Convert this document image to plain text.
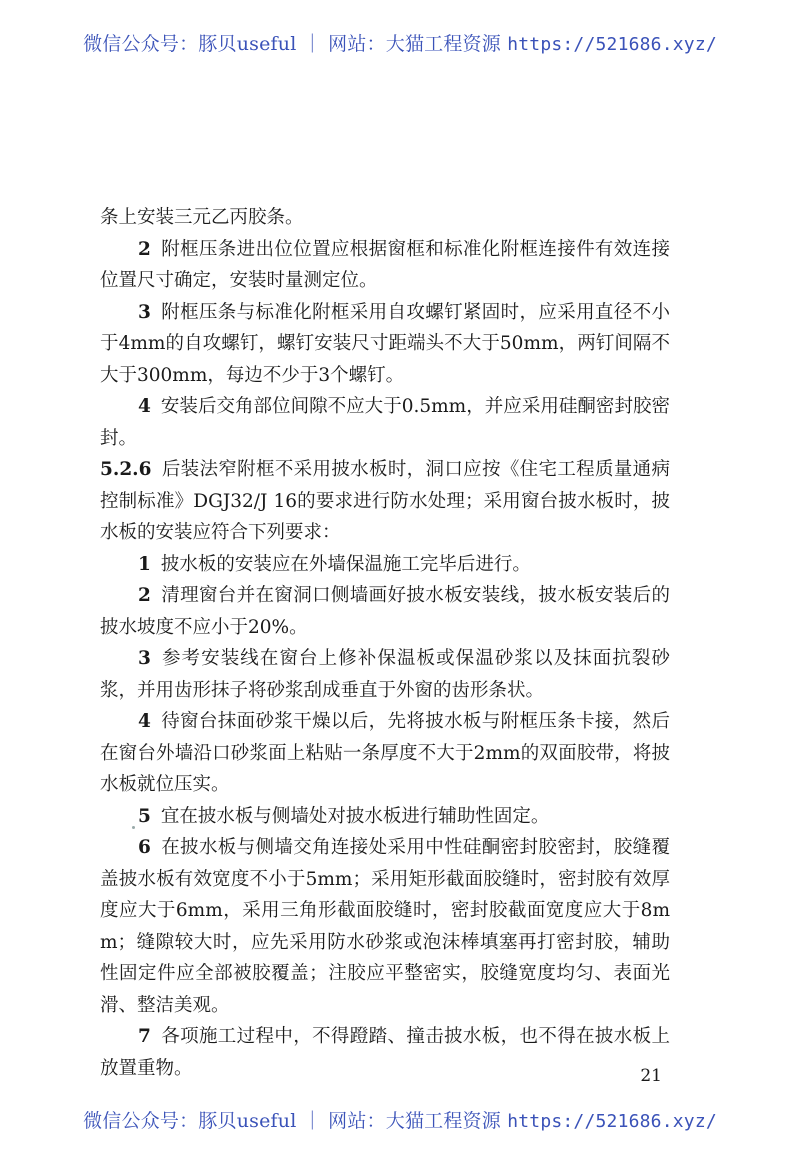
微信公众号：豚贝useful ｜ 网站：大猫工程资源 https://521686.xyz/

条上安装三元乙丙胶条。

2 附框压条进出位位置应根据窗框和标准化附框连接件有效连接位置尺寸确定，安装时量测定位。

3 附框压条与标准化附框采用自攻螺钉紧固时，应采用直径不小于4mm的自攻螺钉，螺钉安装尺寸距端头不大于50mm，两钉间隔不大于300mm，每边不少于3个螺钉。

4 安装后交角部位间隙不应大于0.5mm，并应采用硅酮密封胶密封。

5.2.6 后装法窄附框不采用披水板时，洞口应按《住宅工程质量通病控制标准》DGJ32/J 16的要求进行防水处理；采用窗台披水板时，披水板的安装应符合下列要求：

1 披水板的安装应在外墙保温施工完毕后进行。

2 清理窗台并在窗洞口侧墙画好披水板安装线，披水板安装后的披水坡度不应小于20%。

3 参考安装线在窗台上修补保温板或保温砂浆以及抹面抗裂砂浆，并用齿形抹子将砂浆刮成垂直于外窗的齿形条状。

4 待窗台抹面砂浆干燥以后，先将披水板与附框压条卡接，然后在窗台外墙沿口砂浆面上粘贴一条厚度不大于2mm的双面胶带，将披水板就位压实。

5 宜在披水板与侧墙处对披水板进行辅助性固定。

6 在披水板与侧墙交角连接处采用中性硅酮密封胶密封，胶缝覆盖披水板有效宽度不小于5mm；采用矩形截面胶缝时，密封胶有效厚度应大于6mm，采用三角形截面胶缝时，密封胶截面宽度应大于8mm；缝隙较大时，应先采用防水砂浆或泡沫棒填塞再打密封胶，辅助性固定件应全部被胶覆盖；注胶应平整密实，胶缝宽度均匀、表面光滑、整洁美观。

7 各项施工过程中，不得蹬踏、撞击披水板，也不得在披水板上放置重物。	21
微信公众号：豚贝useful ｜ 网站：大猫工程资源 https://521686.xyz/
